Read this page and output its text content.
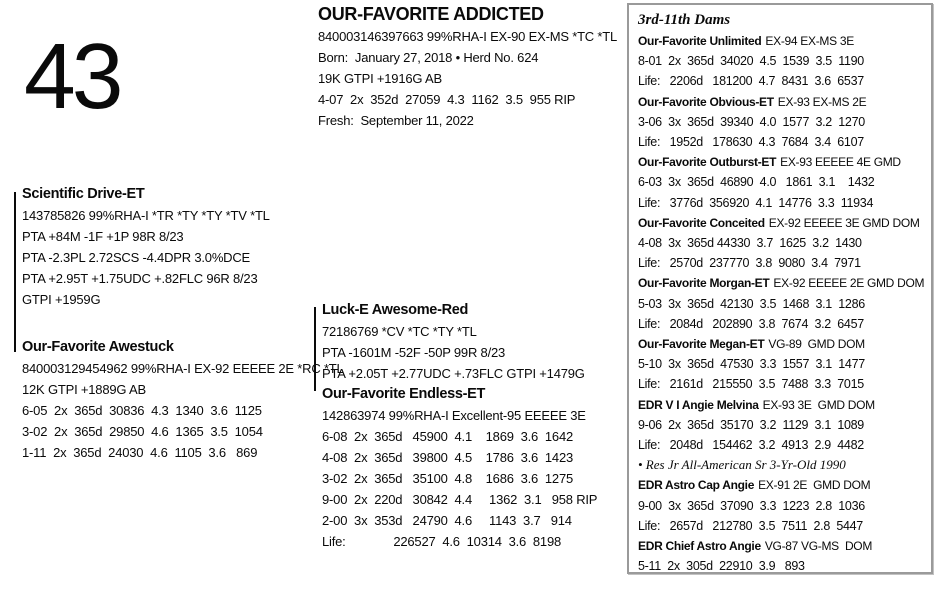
43
OUR-FAVORITE ADDICTED
840003146397663 99%RHA-I EX-90 EX-MS *TC *TL
Born:  January 27, 2018 • Herd No. 624
19K GTPI +1916G AB
4-07  2x  352d  27059  4.3  1162  3.5  955 RIP
Fresh:  September 11, 2022
Scientific Drive-ET
143785826 99%RHA-I *TR *TY *TY *TV *TL
PTA +84M -1F +1P 98R 8/23
PTA -2.3PL 2.72SCS -4.4DPR 3.0%DCE
PTA +2.95T +1.75UDC +.82FLC 96R 8/23
GTPI +1959G
Our-Favorite Awestuck
840003129454962 99%RHA-I EX-92 EEEEE 2E *RC *TL
12K GTPI +1889G AB
6-05  2x  365d  30836  4.3  1340  3.6  1125
3-02  2x  365d  29850  4.6  1365  3.5  1054
1-11  2x  365d  24030  4.6  1105  3.6   869
Luck-E Awesome-Red
72186769 *CV *TC *TY *TL
PTA -1601M -52F -50P 99R 8/23
PTA +2.05T +2.77UDC +.73FLC GTPI +1479G
Our-Favorite Endless-ET
142863974 99%RHA-I Excellent-95 EEEEE 3E
6-08  2x  365d   45900  4.1    1869  3.6  1642
4-08  2x  365d   39800  4.5    1786  3.6  1423
3-02  2x  365d   35100  4.8    1686  3.6  1275
9-00  2x  220d   30842  4.4     1362  3.1   958 RIP
2-00  3x  353d   24790  4.6     1143  3.7   914
Life:              226527  4.6  10314  3.6  8198
3rd-11th Dams
Our-Favorite Unlimited EX-94 EX-MS 3E
8-01  2x  365d  34020  4.5  1539  3.5  1190
Life:   2206d   181200  4.7  8431  3.6  6537
Our-Favorite Obvious-ET EX-93 EX-MS 2E
3-06  3x  365d  39340  4.0  1577  3.2  1270
Life:   1952d   178630  4.3  7684  3.4  6107
Our-Favorite Outburst-ET EX-93 EEEEE 4E GMD
6-03  3x  365d  46890  4.0   1861  3.1    1432
Life:   3776d  356920  4.1  14776  3.3  11934
Our-Favorite Conceited EX-92 EEEEE 3E GMD DOM
4-08  3x  365d 44330  3.7  1625  3.2  1430
Life:   2570d  237770  3.8  9080  3.4  7971
Our-Favorite Morgan-ET EX-92 EEEEE 2E GMD DOM
5-03  3x  365d  42130  3.5  1468  3.1  1286
Life:   2084d   202890  3.8  7674  3.2  6457
Our-Favorite Megan-ET VG-89  GMD DOM
5-10  3x  365d  47530  3.3  1557  3.1  1477
Life:   2161d   215550  3.5  7488  3.3  7015
EDR V I Angie Melvina EX-93 3E  GMD DOM
9-06  2x  365d  35170  3.2  1129  3.1  1089
Life:   2048d   154462  3.2  4913  2.9  4482
• Res Jr All-American Sr 3-Yr-Old 1990
EDR Astro Cap Angie EX-91 2E  GMD DOM
9-00  3x  365d  37090  3.3  1223  2.8  1036
Life:   2657d   212780  3.5  7511  2.8  5447
EDR Chief Astro Angie VG-87 VG-MS  DOM
5-11  2x  305d  22910  3.9   893
